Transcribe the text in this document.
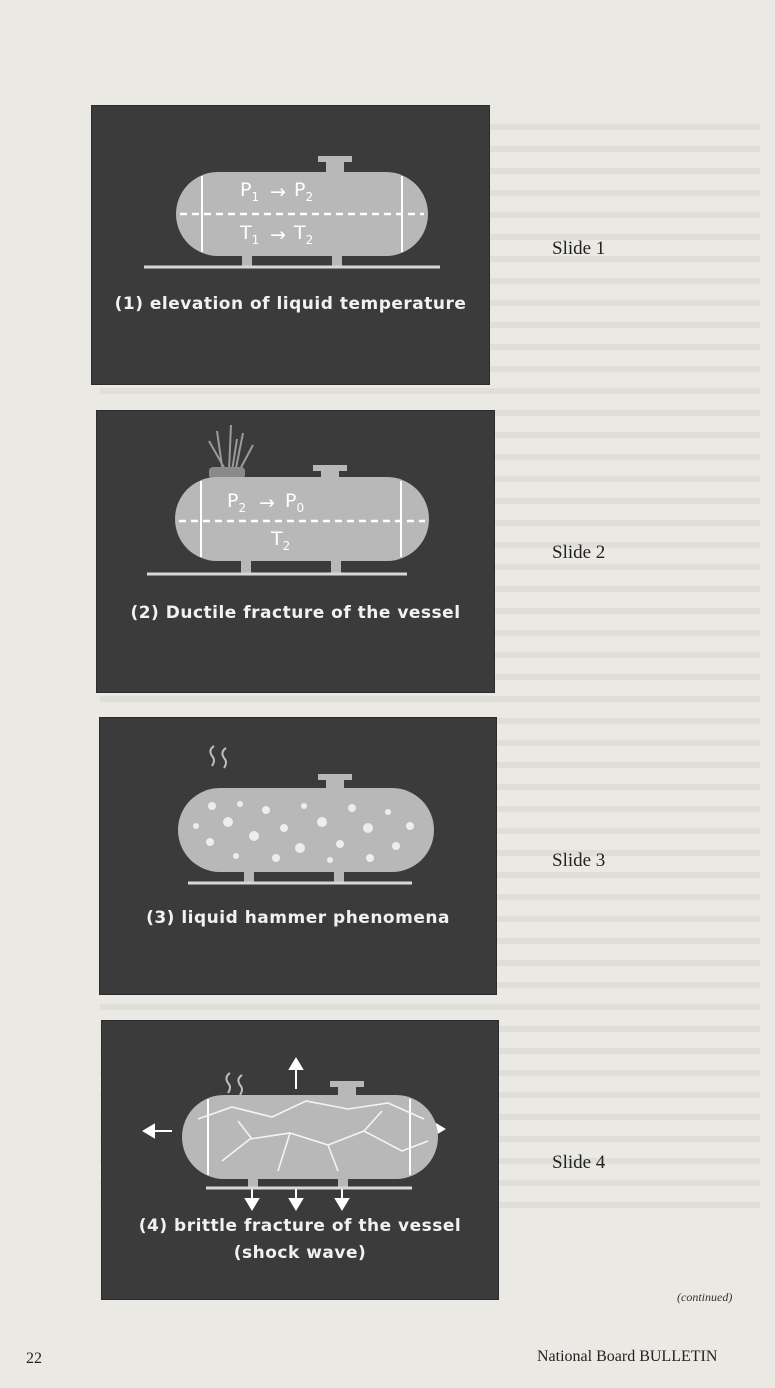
$P_1 \to P_2$
$T_1 \to T_2$
(1) elevation of liquid temperature
Slide 1
$P_2 \to P_0$
$T_2$
(2) Ductile fracture of the vessel
Slide 2
(3) liquid hammer phenomena
Slide 3
(4) brittle fracture of the vessel
(shock wave)
Slide 4
(continued)
22	National Board BULLETIN
